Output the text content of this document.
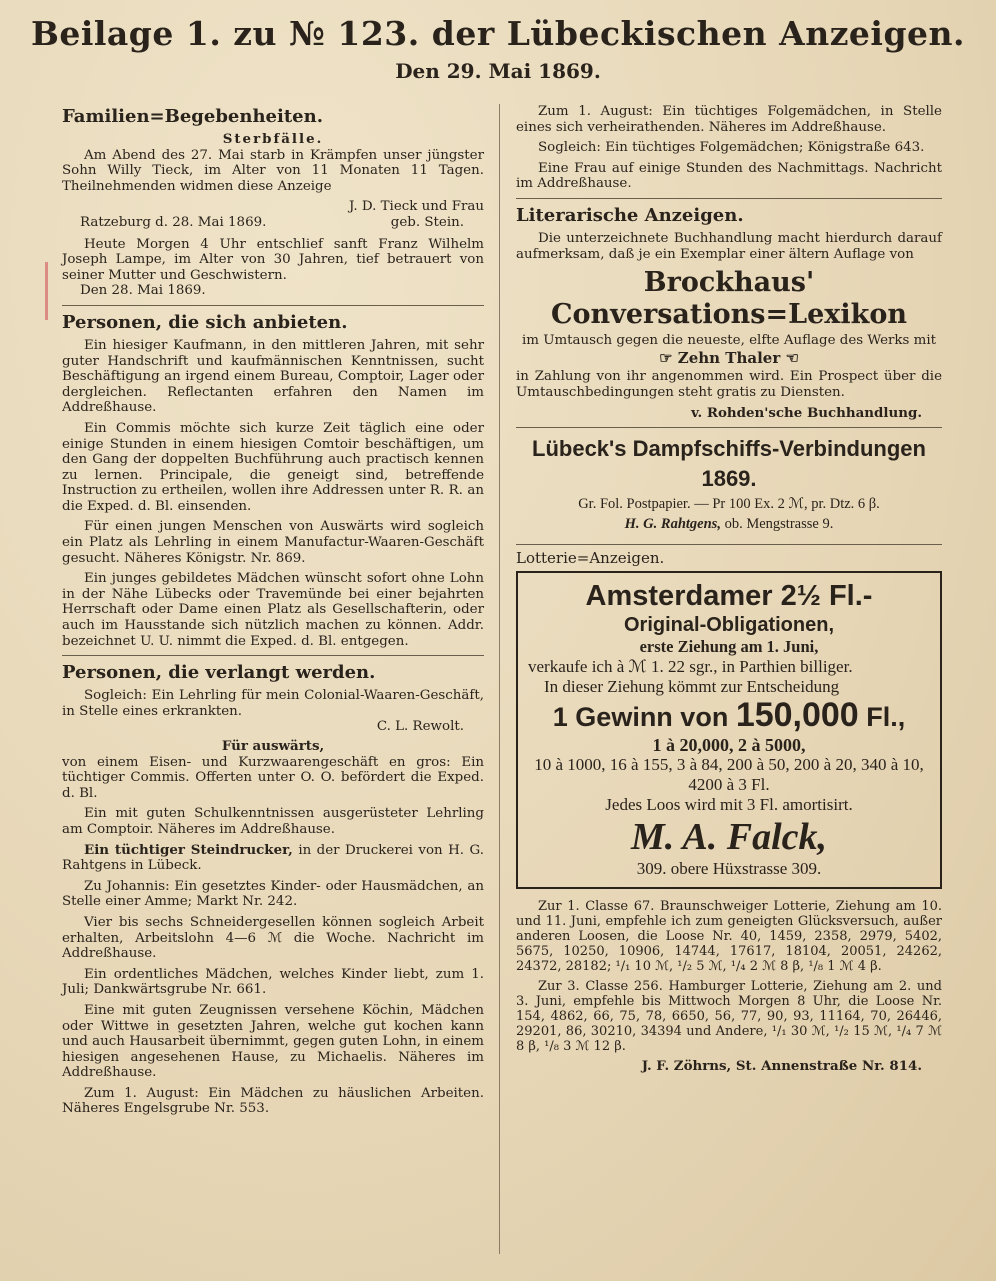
Beilage 1. zu № 123. der Lübeckischen Anzeigen.
Den 29. Mai 1869.
Familien=Begebenheiten.
Sterbfälle.

Am Abend des 27. Mai starb in Krämpfen unser jüngster Sohn Willy Tieck, im Alter von 11 Monaten 11 Tagen. Theilnehmenden widmen diese Anzeige

J. D. Tieck und Frau
Ratzeburg d. 28. Mai 1869.	geb. Stein.

Heute Morgen 4 Uhr entschlief sanft Franz Wilhelm Joseph Lampe, im Alter von 30 Jahren, tief betrauert von seiner Mutter und Geschwistern.

Den 28. Mai 1869.
Personen, die sich anbieten.

Ein hiesiger Kaufmann, in den mittleren Jahren, mit sehr guter Handschrift und kaufmännischen Kenntnissen, sucht Beschäftigung an irgend einem Bureau, Comptoir, Lager oder dergleichen. Reflectanten erfahren den Namen im Addreßhause.

Ein Commis möchte sich kurze Zeit täglich eine oder einige Stunden in einem hiesigen Comtoir beschäftigen, um den Gang der doppelten Buchführung auch practisch kennen zu lernen. Principale, die geneigt sind, betreffende Instruction zu ertheilen, wollen ihre Addressen unter R. R. an die Exped. d. Bl. einsenden.

Für einen jungen Menschen von Auswärts wird sogleich ein Platz als Lehrling in einem Manufactur-Waaren-Geschäft gesucht. Näheres Königstr. Nr. 869.

Ein junges gebildetes Mädchen wünscht sofort ohne Lohn in der Nähe Lübecks oder Travemünde bei einer bejahrten Herrschaft oder Dame einen Platz als Gesellschafterin, oder auch im Hausstande sich nützlich machen zu können. Addr. bezeichnet U. U. nimmt die Exped. d. Bl. entgegen.

Personen, die verlangt werden.

Sogleich: Ein Lehrling für mein Colonial-Waaren-Geschäft, in Stelle eines erkrankten.

C. L. Rewolt.
Für auswärts,

von einem Eisen- und Kurzwaarengeschäft en gros: Ein tüchtiger Commis. Offerten unter O. O. befördert die Exped. d. Bl.

Ein mit guten Schulkenntnissen ausgerüsteter Lehrling am Comptoir. Näheres im Addreßhause.

Ein tüchtiger Steindrucker, in der Druckerei von H. G. Rahtgens in Lübeck.

Zu Johannis: Ein gesetztes Kinder- oder Hausmädchen, an Stelle einer Amme; Markt Nr. 242.

Vier bis sechs Schneidergesellen können sogleich Arbeit erhalten, Arbeitslohn 4—6 ℳ die Woche. Nachricht im Addreßhause.

Ein ordentliches Mädchen, welches Kinder liebt, zum 1. Juli; Dankwärtsgrube Nr. 661.

Eine mit guten Zeugnissen versehene Köchin, Mädchen oder Wittwe in gesetzten Jahren, welche gut kochen kann und auch Hausarbeit übernimmt, gegen guten Lohn, in einem hiesigen angesehenen Hause, zu Michaelis. Näheres im Addreßhause.

Zum 1. August: Ein Mädchen zu häuslichen Arbeiten. Näheres Engelsgrube Nr. 553.

Zum 1. August: Ein tüchtiges Folgemädchen, in Stelle eines sich verheirathenden. Näheres im Addreßhause.

Sogleich: Ein tüchtiges Folgemädchen; Königstraße 643.

Eine Frau auf einige Stunden des Nachmittags. Nachricht im Addreßhause.

Literarische Anzeigen.

Die unterzeichnete Buchhandlung macht hierdurch darauf aufmerksam, daß je ein Exemplar einer ältern Auflage von

Brockhaus' Conversations=Lexikon

im Umtausch gegen die neueste, elfte Auflage des Werks mit

☞ Zehn Thaler ☜

in Zahlung von ihr angenommen wird. Ein Prospect über die Umtauschbedingungen steht gratis zu Diensten.

v. Rohden'sche Buchhandlung.
Lübeck's Dampfschiffs-Verbindungen 1869.
Gr. Fol. Postpapier. — Pr 100 Ex. 2 ℳ, pr. Dtz. 6 β.
H. G. Rahtgens, ob. Mengstrasse 9.
Lotterie=Anzeigen.
Amsterdamer 2½ Fl.-
Original-Obligationen,
erste Ziehung am 1. Juni,
verkaufe ich à ℳ 1. 22 sgr., in Parthien billiger.
In dieser Ziehung kömmt zur Entscheidung
1 Gewinn von 150,000 Fl.,
1 à 20,000, 2 à 5000,
10 à 1000, 16 à 155, 3 à 84, 200 à 50, 200 à 20, 340 à 10, 4200 à 3 Fl.
Jedes Loos wird mit 3 Fl. amortisirt.
M. A. Falck,
309. obere Hüxstrasse 309.

Zur 1. Classe 67. Braunschweiger Lotterie, Ziehung am 10. und 11. Juni, empfehle ich zum geneigten Glücksversuch, außer anderen Loosen, die Loose Nr. 40, 1459, 2358, 2979, 5402, 5675, 10250, 10906, 14744, 17617, 18104, 20051, 24262, 24372, 28182; ¹/₁ 10 ℳ, ¹/₂ 5 ℳ, ¹/₄ 2 ℳ 8 β, ¹/₈ 1 ℳ 4 β.

Zur 3. Classe 256. Hamburger Lotterie, Ziehung am 2. und 3. Juni, empfehle bis Mittwoch Morgen 8 Uhr, die Loose Nr. 154, 4862, 66, 75, 78, 6650, 56, 77, 90, 93, 11164, 70, 26446, 29201, 86, 30210, 34394 und Andere, ¹/₁ 30 ℳ, ¹/₂ 15 ℳ, ¹/₄ 7 ℳ 8 β, ¹/₈ 3 ℳ 12 β.

J. F. Zöhrns, St. Annenstraße Nr. 814.
